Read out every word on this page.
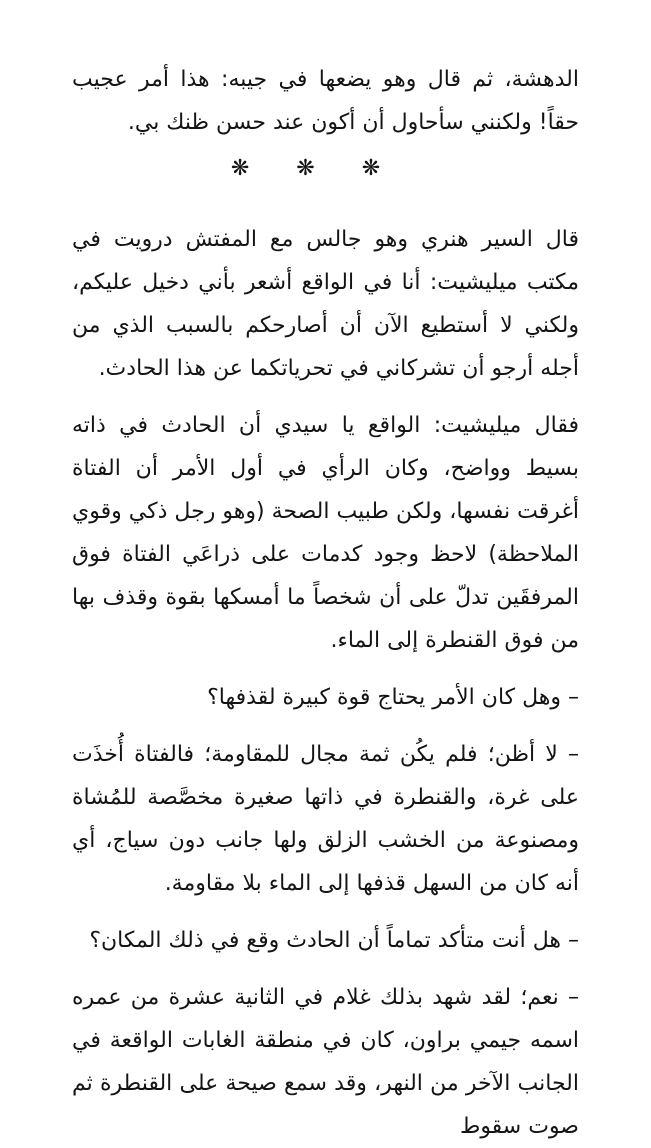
الدهشة، ثم قال وهو يضعها في جيبه: هذا أمر عجيب حقاً! ولكنني سأحاول أن أكون عند حسن ظنك بي.

❋ ❋ ❋

قال السير هنري وهو جالس مع المفتش درويت في مكتب ميليشيت: أنا في الواقع أشعر بأني دخيل عليكم، ولكني لا أستطيع الآن أن أصارحكم بالسبب الذي من أجله أرجو أن تشركاني في تحرياتكما عن هذا الحادث.

فقال ميليشيت: الواقع يا سيدي أن الحادث في ذاته بسيط وواضح، وكان الرأي في أول الأمر أن الفتاة أغرقت نفسها، ولكن طبيب الصحة (وهو رجل ذكي وقوي الملاحظة) لاحظ وجود كدمات على ذراعَي الفتاة فوق المرفقَين تدلّ على أن شخصاً ما أمسكها بقوة وقذف بها من فوق القنطرة إلى الماء.

– وهل كان الأمر يحتاج قوة كبيرة لقذفها؟

– لا أظن؛ فلم يكُن ثمة مجال للمقاومة؛ فالفتاة أُخذَت على غرة، والقنطرة في ذاتها صغيرة مخصَّصة للمُشاة ومصنوعة من الخشب الزلق ولها جانب دون سياج، أي أنه كان من السهل قذفها إلى الماء بلا مقاومة.

– هل أنت متأكد تماماً أن الحادث وقع في ذلك المكان؟

– نعم؛ لقد شهد بذلك غلام في الثانية عشرة من عمره اسمه جيمي براون، كان في منطقة الغابات الواقعة في الجانب الآخر من النهر، وقد سمع صيحة على القنطرة ثم صوت سقوط
